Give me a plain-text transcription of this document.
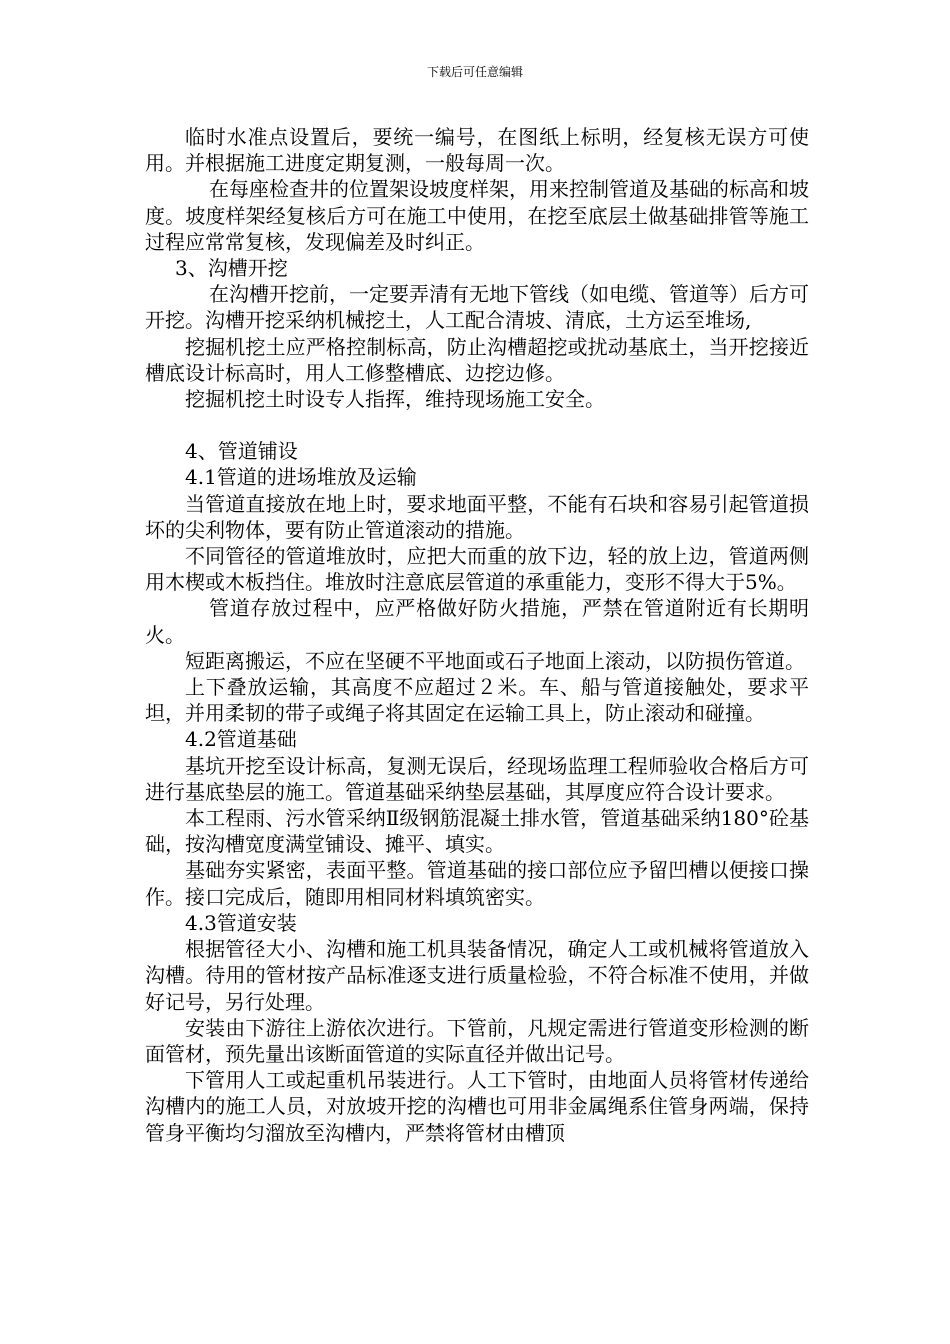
下载后可任意编辑

临时水准点设置后，要统一编号，在图纸上标明，经复核无误方可使用。并根据施工进度定期复测，一般每周一次。

在每座检查井的位置架设坡度样架，用来控制管道及基础的标高和坡度。坡度样架经复核后方可在施工中使用，在挖至底层土做基础排管等施工过程应常常复核，发现偏差及时纠正。

3、沟槽开挖

在沟槽开挖前，一定要弄清有无地下管线（如电缆、管道等）后方可开挖。沟槽开挖采纳机械挖土，人工配合清坡、清底，土方运至堆场,

挖掘机挖土应严格控制标高，防止沟槽超挖或扰动基底土，当开挖接近槽底设计标高时，用人工修整槽底、边挖边修。

挖掘机挖土时设专人指挥，维持现场施工安全。

4、管道铺设

4.1管道的进场堆放及运输

当管道直接放在地上时，要求地面平整，不能有石块和容易引起管道损坏的尖利物体，要有防止管道滚动的措施。

不同管径的管道堆放时，应把大而重的放下边，轻的放上边，管道两侧用木楔或木板挡住。堆放时注意底层管道的承重能力，变形不得大于5%。

管道存放过程中，应严格做好防火措施，严禁在管道附近有长期明火。

短距离搬运，不应在坚硬不平地面或石子地面上滚动，以防损伤管道。

上下叠放运输，其高度不应超过２米。车、船与管道接触处，要求平坦，并用柔韧的带子或绳子将其固定在运输工具上，防止滚动和碰撞。

4.2管道基础

基坑开挖至设计标高，复测无误后，经现场监理工程师验收合格后方可进行基底垫层的施工。管道基础采纳垫层基础，其厚度应符合设计要求。

本工程雨、污水管采纳Ⅱ级钢筋混凝土排水管，管道基础采纳180°砼基础，按沟槽宽度满堂铺设、摊平、填实。

基础夯实紧密，表面平整。管道基础的接口部位应予留凹槽以便接口操作。接口完成后，随即用相同材料填筑密实。

4.3管道安装

根据管径大小、沟槽和施工机具装备情况，确定人工或机械将管道放入沟槽。待用的管材按产品标准逐支进行质量检验，不符合标准不使用，并做好记号，另行处理。

安装由下游往上游依次进行。下管前，凡规定需进行管道变形检测的断面管材，预先量出该断面管道的实际直径并做出记号。

下管用人工或起重机吊装进行。人工下管时，由地面人员将管材传递给沟槽内的施工人员，对放坡开挖的沟槽也可用非金属绳系住管身两端，保持管身平衡均匀溜放至沟槽内，严禁将管材由槽顶
